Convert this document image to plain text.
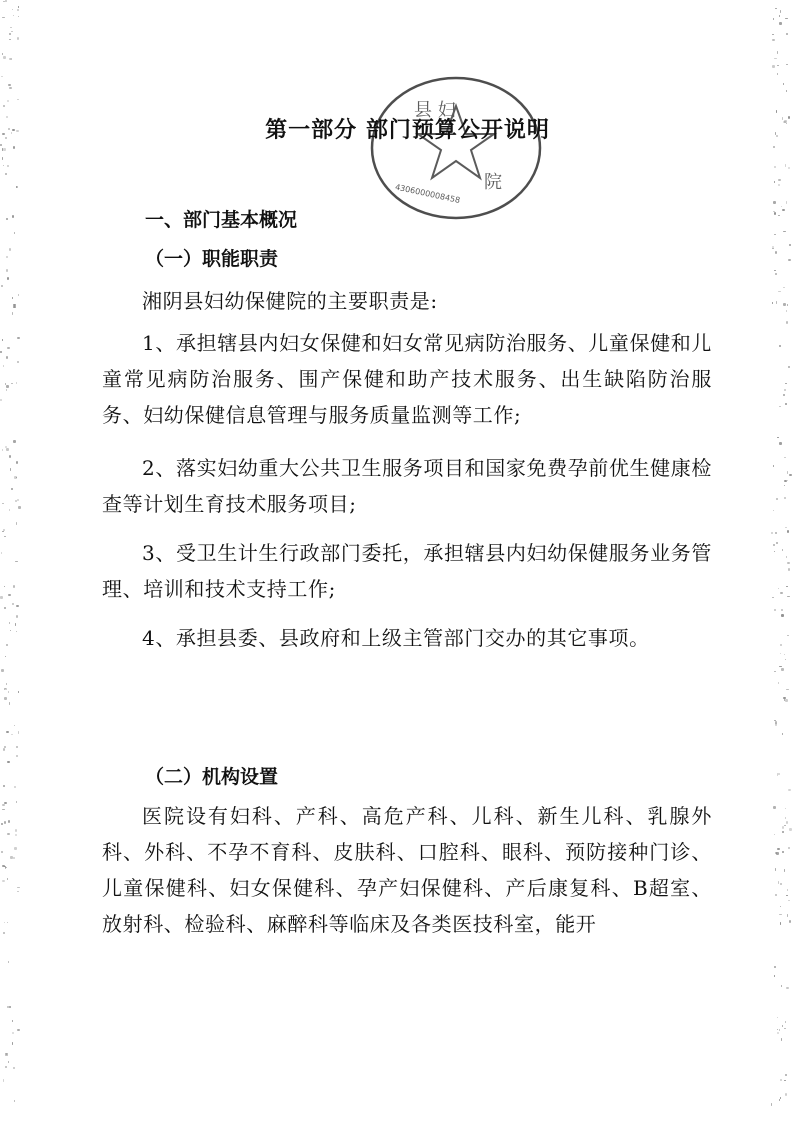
县 妇
院
4306000008458
第一部分 部门预算公开说明
一、部门基本概况
（一）职能职责

湘阴县妇幼保健院的主要职责是:

1、承担辖县内妇女保健和妇女常见病防治服务、儿童保健和儿童常见病防治服务、围产保健和助产技术服务、出生缺陷防治服务、妇幼保健信息管理与服务质量监测等工作;

2、落实妇幼重大公共卫生服务项目和国家免费孕前优生健康检查等计划生育技术服务项目;

3、受卫生计生行政部门委托，承担辖县内妇幼保健服务业务管理、培训和技术支持工作;

4、承担县委、县政府和上级主管部门交办的其它事项。

（二）机构设置

医院设有妇科、产科、高危产科、儿科、新生儿科、乳腺外科、外科、不孕不育科、皮肤科、口腔科、眼科、预防接种门诊、儿童保健科、妇女保健科、孕产妇保健科、产后康复科、B超室、放射科、检验科、麻醉科等临床及各类医技科室，能开
